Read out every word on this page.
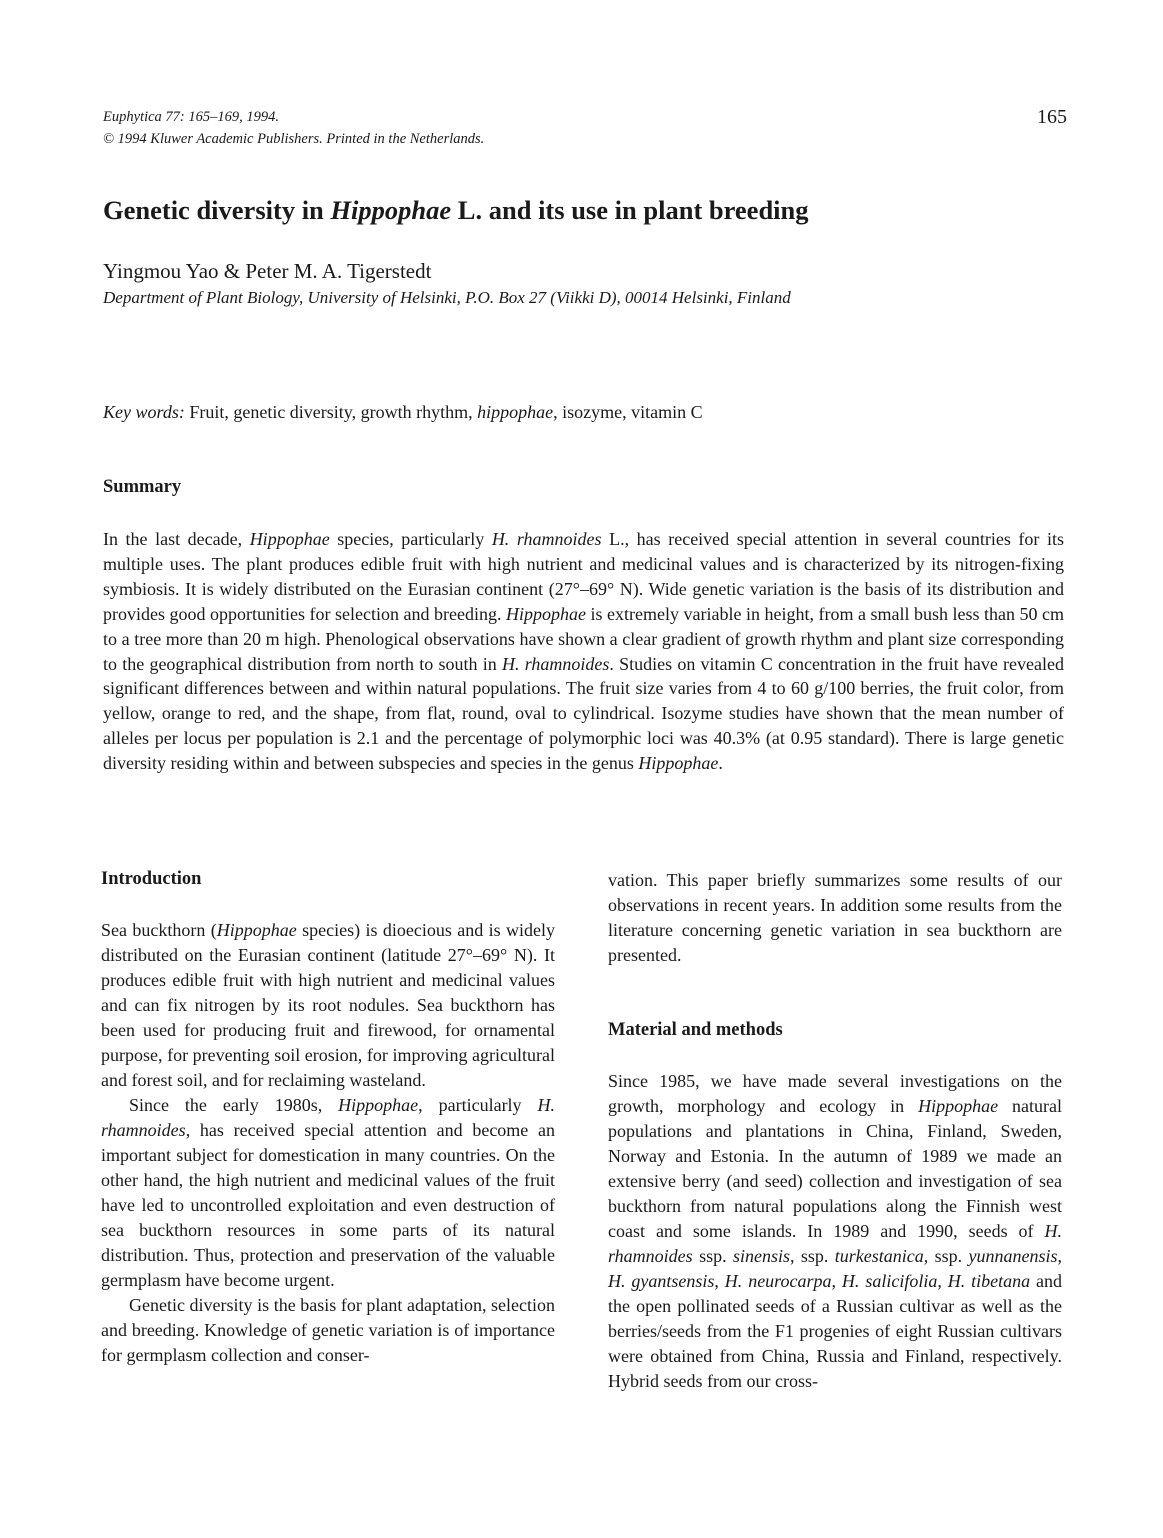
Euphytica 77: 165–169, 1994.
© 1994 Kluwer Academic Publishers. Printed in the Netherlands.
165
Genetic diversity in Hippophae L. and its use in plant breeding
Yingmou Yao & Peter M. A. Tigerstedt
Department of Plant Biology, University of Helsinki, P.O. Box 27 (Viikki D), 00014 Helsinki, Finland
Key words: Fruit, genetic diversity, growth rhythm, hippophae, isozyme, vitamin C
Summary
In the last decade, Hippophae species, particularly H. rhamnoides L., has received special attention in several countries for its multiple uses. The plant produces edible fruit with high nutrient and medicinal values and is characterized by its nitrogen-fixing symbiosis. It is widely distributed on the Eurasian continent (27°–69° N). Wide genetic variation is the basis of its distribution and provides good opportunities for selection and breeding. Hippophae is extremely variable in height, from a small bush less than 50 cm to a tree more than 20 m high. Phenological observations have shown a clear gradient of growth rhythm and plant size corresponding to the geographical distribution from north to south in H. rhamnoides. Studies on vitamin C concentration in the fruit have revealed significant differences between and within natural populations. The fruit size varies from 4 to 60 g/100 berries, the fruit color, from yellow, orange to red, and the shape, from flat, round, oval to cylindrical. Isozyme studies have shown that the mean number of alleles per locus per population is 2.1 and the percentage of polymorphic loci was 40.3% (at 0.95 standard). There is large genetic diversity residing within and between subspecies and species in the genus Hippophae.
Introduction

Sea buckthorn (Hippophae species) is dioecious and is widely distributed on the Eurasian continent (latitude 27°–69° N). It produces edible fruit with high nutrient and medicinal values and can fix nitrogen by its root nodules. Sea buckthorn has been used for producing fruit and firewood, for ornamental purpose, for preventing soil erosion, for improving agricultural and forest soil, and for reclaiming wasteland.

Since the early 1980s, Hippophae, particularly H. rhamnoides, has received special attention and become an important subject for domestication in many countries. On the other hand, the high nutrient and medicinal values of the fruit have led to uncontrolled exploitation and even destruction of sea buckthorn resources in some parts of its natural distribution. Thus, protection and preservation of the valuable germplasm have become urgent.

Genetic diversity is the basis for plant adaptation, selection and breeding. Knowledge of genetic variation is of importance for germplasm collection and conser-

vation. This paper briefly summarizes some results of our observations in recent years. In addition some results from the literature concerning genetic variation in sea buckthorn are presented.

Material and methods

Since 1985, we have made several investigations on the growth, morphology and ecology in Hippophae natural populations and plantations in China, Finland, Sweden, Norway and Estonia. In the autumn of 1989 we made an extensive berry (and seed) collection and investigation of sea buckthorn from natural populations along the Finnish west coast and some islands. In 1989 and 1990, seeds of H. rhamnoides ssp. sinensis, ssp. turkestanica, ssp. yunnanensis, H. gyantsensis, H. neurocarpa, H. salicifolia, H. tibetana and the open pollinated seeds of a Russian cultivar as well as the berries/seeds from the F1 progenies of eight Russian cultivars were obtained from China, Russia and Finland, respectively. Hybrid seeds from our cross-
